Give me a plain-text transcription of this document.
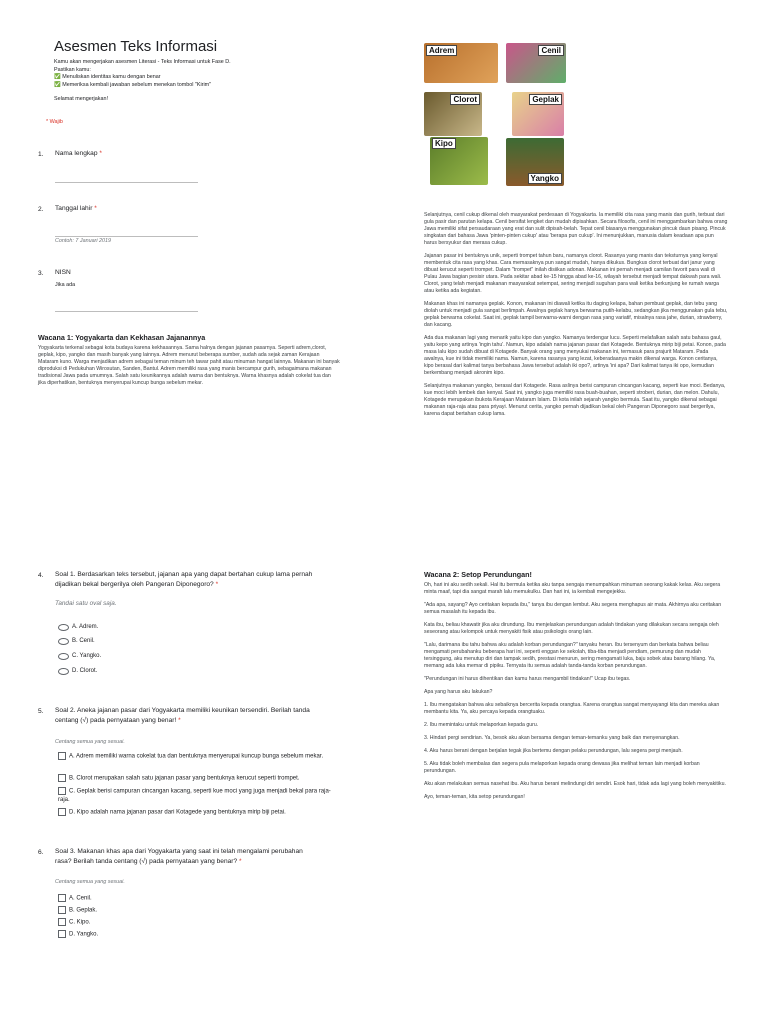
Asesmen Teks Informasi
Kamu akan mengerjakan asesmen Literasi - Teks Informasi untuk Fase D.
Pastikan kamu:
✅ Menuliskan identitas kamu dengan benar
✅ Memeriksa kembali jawaban sebelum menekan tombol "Kirim"
Selamat mengerjakan!
* Wajib
1. Nama lengkap *
2. Tanggal lahir *
Contoh: 7 Januari 2019
3. NISN
Jika ada
Wacana 1: Yogyakarta dan Kekhasan Jajanannya
Yogyakarta terkenal sebagai kota budaya karena kekhasannya. Sama halnya dengan jajanan pasarnya. Seperti adrem,clorot, geplak, kipo, yangko dan masih banyak yang lainnya. Adrem menurut beberapa sumber, sudah ada sejak zaman Kerajaan Mataram kuno. Warga menjadikan adrem sebagai teman minum teh tawar pahit atau minuman hangat lainnya. Makanan ini banyak diproduksi di Pedukuhan Wirosutan, Sanden, Bantul. Adrem memiliki rasa yang manis bercampur gurih, sebagaimana makanan tradisional Jawa pada umumnya. Salah satu keunikannya adalah warna dan bentuknya. Warna khasnya adalah cokelat tua dan jika diperhatikan, bentuknya menyerupai kuncup bunga sebelum mekar.
Adrem	Cenil
Clorot	Geplak
Kipo
Yangko

Selanjutnya, cenil cukup dikenal oleh masyarakat perdesaan di Yogyakarta. Ia memiliki cita rasa yang manis dan gurih, terbuat dari gula pasir dan parutan kelapa. Cenil bersifat lengket dan mudah dipisahkan. Secara filosofis, cenil ini menggambarkan bahwa orang Jawa memiliki sifat persaudaraan yang erat dan sulit dipisah-belah. Tepat cenil biasanya menggunakan pincuk daun pisang. Pincuk singkatan dari bahasa Jawa 'pinten-pinten cukup' atau 'berapa pun cukup'. Ini menunjukkan, manusia dalam keadaan apa pun harus bersyukur dan merasa cukup.

Jajanan pasar ini bentuknya unik, seperti trompet tahun baru, namanya clorot. Rasanya yang manis dan teksturnya yang kenyal membentuk cita rasa yang khas. Cara memasaknya pun sangat mudah, hanya dikukus. Bungkus clorot terbuat dari janur yang dibuat kerucut seperti trompet. Dalam "trompet" inilah disiikan adonan. Makanan ini pernah menjadi camilan favorit para wali di Pulau Jawa bagian pesisir utara. Pada sekitar abad ke-15 hingga abad ke-16, wilayah tersebut menjadi tempat dakwah para wali. Clorot, yang telah menjadi makanan masyarakat setempat, sering menjadi suguhan para wali ketika berkunjung ke rumah warga atau ketika ada kegiatan.

Makanan khas ini namanya geplak. Konon, makanan ini diawali ketika itu daging kelapa, bahan pembuat geplak, dan tebu yang diolah untuk menjadi gula sangat berlimpah. Awalnya geplak hanya berwarna putih-kelabu, sedangkan jika menggunakan gula tebu, geplak berwarna cokelat. Saat ini, geplak tampil berwarna-warni dengan rasa yang variatif, misalnya rasa jahe, durian, strawberry, dan kacang.

Ada dua makanan lagi yang menarik yaitu kipo dan yangko. Namanya terdengar lucu. Seperti melafalkan salah satu bahasa gaul, yaitu kepo yang artinya 'ingin tahu'. Namun, kipo adalah nama jajanan pasar dari Kotagede. Bentuknya mirip biji petai. Konon, pada masa lalu kipo sudah dibuat di Kotagede. Banyak orang yang menyukai makanan ini, termasuk para prajurit Mataram. Pada awalnya, kue ini tidak memiliki nama. Namun, karena rasanya yang lezat, keberadaanya makin dikenal warga. Konon ceritanya, kipo berasal dari kalimat tanya berbahasa Jawa tersebut adalah iki opo?, artinya 'ini apa? Dari kalimat tanya iki opo, kemudian berkembang menjadi akronim kipo.

Selanjutnya makanan yangko, berasal dari Kotagede. Rasa aslinya berisi campuran cincangan kacang, seperti kue moci. Bedanya, kue moci lebih lembek dan kenyal. Saat ini, yangko juga memiliki rasa buah-buahan, seperti stroberi, durian, dan melon. Dahulu, Kotagede merupakan ibukota Kerajaan Mataram Islam. Di kota inilah sejarah yangko bermula. Saat itu, yangko dikenal sebagai makanan raja-raja atau para priyayi. Menurut cerita, yangko pernah dijadikan bekal oleh Pangeran Diponegoro saat bergerilya, karena dapat bertahan cukup lama.

4. Soal 1. Berdasarkan teks tersebut, jajanan apa yang dapat bertahan cukup lama pernah dijadikan bekal bergerilya oleh Pangeran Diponegoro? *
Tandai satu oval saja.
A. Adrem.
B. Cenil.
C. Yangko.
D. Clorot.
5. Soal 2. Aneka jajanan pasar dari Yogyakarta memiliki keunikan tersendiri. Berilah tanda centang (√) pada pernyataan yang benar! *
Centang semua yang sesuai.
A. Adrem memiliki warna cokelat tua dan bentuknya menyerupai kuncup bunga sebelum mekar.
B. Clorot merupakan salah satu jajanan pasar yang bentuknya kerucut seperti trompet.
C. Geplak berisi campuran cincangan kacang, seperti kue moci yang juga menjadi bekal para raja-raja.
D. Kipo adalah nama jajanan pasar dari Kotagede yang bentuknya mirip biji petai.
6. Soal 3. Makanan khas apa dari Yogyakarta yang saat ini telah mengalami perubahan rasa? Berilah tanda centang (√) pada pernyataan yang benar? *
Centang semua yang sesuai.
A. Cenil.
B. Geplak.
C. Kipo.
D. Yangko.
Wacana 2: Setop Perundungan!

Oh, hari ini aku sedih sekali. Hal itu bermula ketika aku tanpa sengaja menumpahkan minuman seorang kakak kelas. Aku segera minta maaf, tapi dia sangat marah lalu memukulku. Dan hari ini, ia kembali mengejekku.

"Ada apa, sayang? Ayo ceritakan kepada ibu," tanya ibu dengan lembut. Aku segera menghapus air mata. Akhirnya aku ceritakan semua masalah itu kepada ibu.

Kata ibu, beliau khawatir jika aku dirundung. Ibu menjelaskan perundungan adalah tindakan yang dilakukan secara sengaja oleh seseorang atau kelompok untuk menyakiti fisik atau psikologis orang lain.

"Lalu, darimana ibu tahu bahwa aku adalah korban perundungan?" tanyaku heran. Ibu tersenyum dan berkata bahwa beliau mengamati perubahanku beberapa hari ini, seperti enggan ke sekolah, tiba-tiba menjadi pendiam, pemurung dan mudah tersinggung, aku menutup diri dan tampak sedih, prestasi menurun, sering mengamati luka, baju sobek atau barang hilang. Ya, memang ada luka memar di pipiku. Ternyata itu semua adalah tanda-tanda korban perundungan.

"Perundungan ini harus dihentikan dan kamu harus mengambil tindakan!" Ucap ibu tegas.

Apa yang harus aku lakukan?

1. Ibu mengatakan bahwa aku sebaiknya bercerita kepada orangtua. Karena orangtua sangat menyayangi kita dan mereka akan membantu kita. Ya, aku percaya kepada orangtuaku.

2. Ibu memintaku untuk melaporkan kepada guru.

3. Hindari pergi sendirian. Ya, besok aku akan bersama dengan teman-temanku yang baik dan menyenangkan.

4. Aku harus berani dengan berjalan tegak jika bertemu dengan pelaku perundungan, lalu segera pergi menjauh.

5. Aku tidak boleh membalas dan segera pula melaporkan kepada orang dewasa jika melihat teman lain menjadi korban perundungan.

Aku akan melakukan semua nasehat ibu. Aku harus berani melindungi diri sendiri. Esok hari, tidak ada lagi yang boleh menyakitiku.

Ayo, teman-teman, kita setop perundungan!
